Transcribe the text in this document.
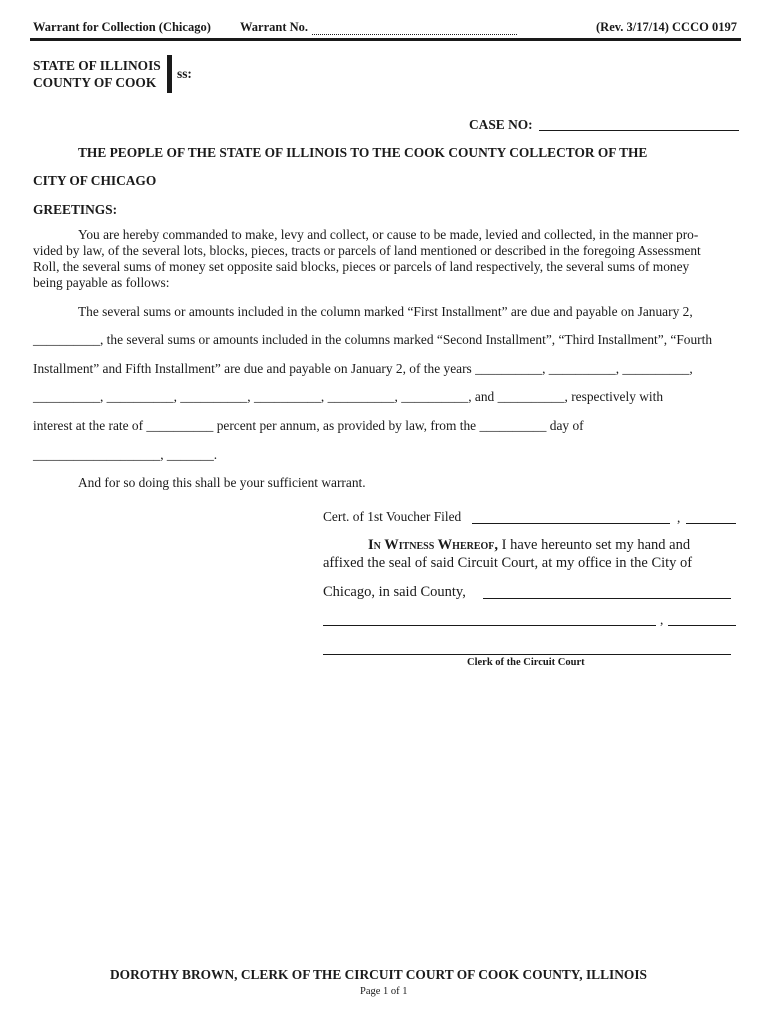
Warrant for Collection (Chicago) Warrant No.	(Rev. 3/17/14) CCCO 0197
STATE OF ILLINOIS
COUNTY OF COOK
ss:
CASE NO:
THE PEOPLE OF THE STATE OF ILLINOIS TO THE COOK COUNTY COLLECTOR OF THE
CITY OF CHICAGO
GREETINGS:
You are hereby commanded to make, levy and collect, or cause to be made, levied and collected, in the manner pro-
vided by law, of the several lots, blocks, pieces, tracts or parcels of land mentioned or described in the foregoing Assessment
Roll, the several sums of money set opposite said blocks, pieces or parcels of land respectively, the several sums of money
being payable as follows:
The several sums or amounts included in the column marked “First Installment” are due and payable on January 2,
__________, the several sums or amounts included in the columns marked “Second Installment”, “Third Installment”, “Fourth
Installment” and Fifth Installment” are due and payable on January 2, of the years __________, __________, __________,
__________, __________, __________, __________, __________, __________, and __________, respectively with
interest at the rate of __________ percent per annum, as provided by law, from the __________ day of
___________________, _______.
And for so doing this shall be your sufficient warrant.
Cert. of 1st Voucher Filed	,
In Witness Whereof, I have hereunto set my hand and
affixed the seal of said Circuit Court, at my office in the City of
Chicago, in said County,
,
Clerk of the Circuit Court
DOROTHY BROWN, CLERK OF THE CIRCUIT COURT OF COOK COUNTY, ILLINOIS
Page 1 of 1
